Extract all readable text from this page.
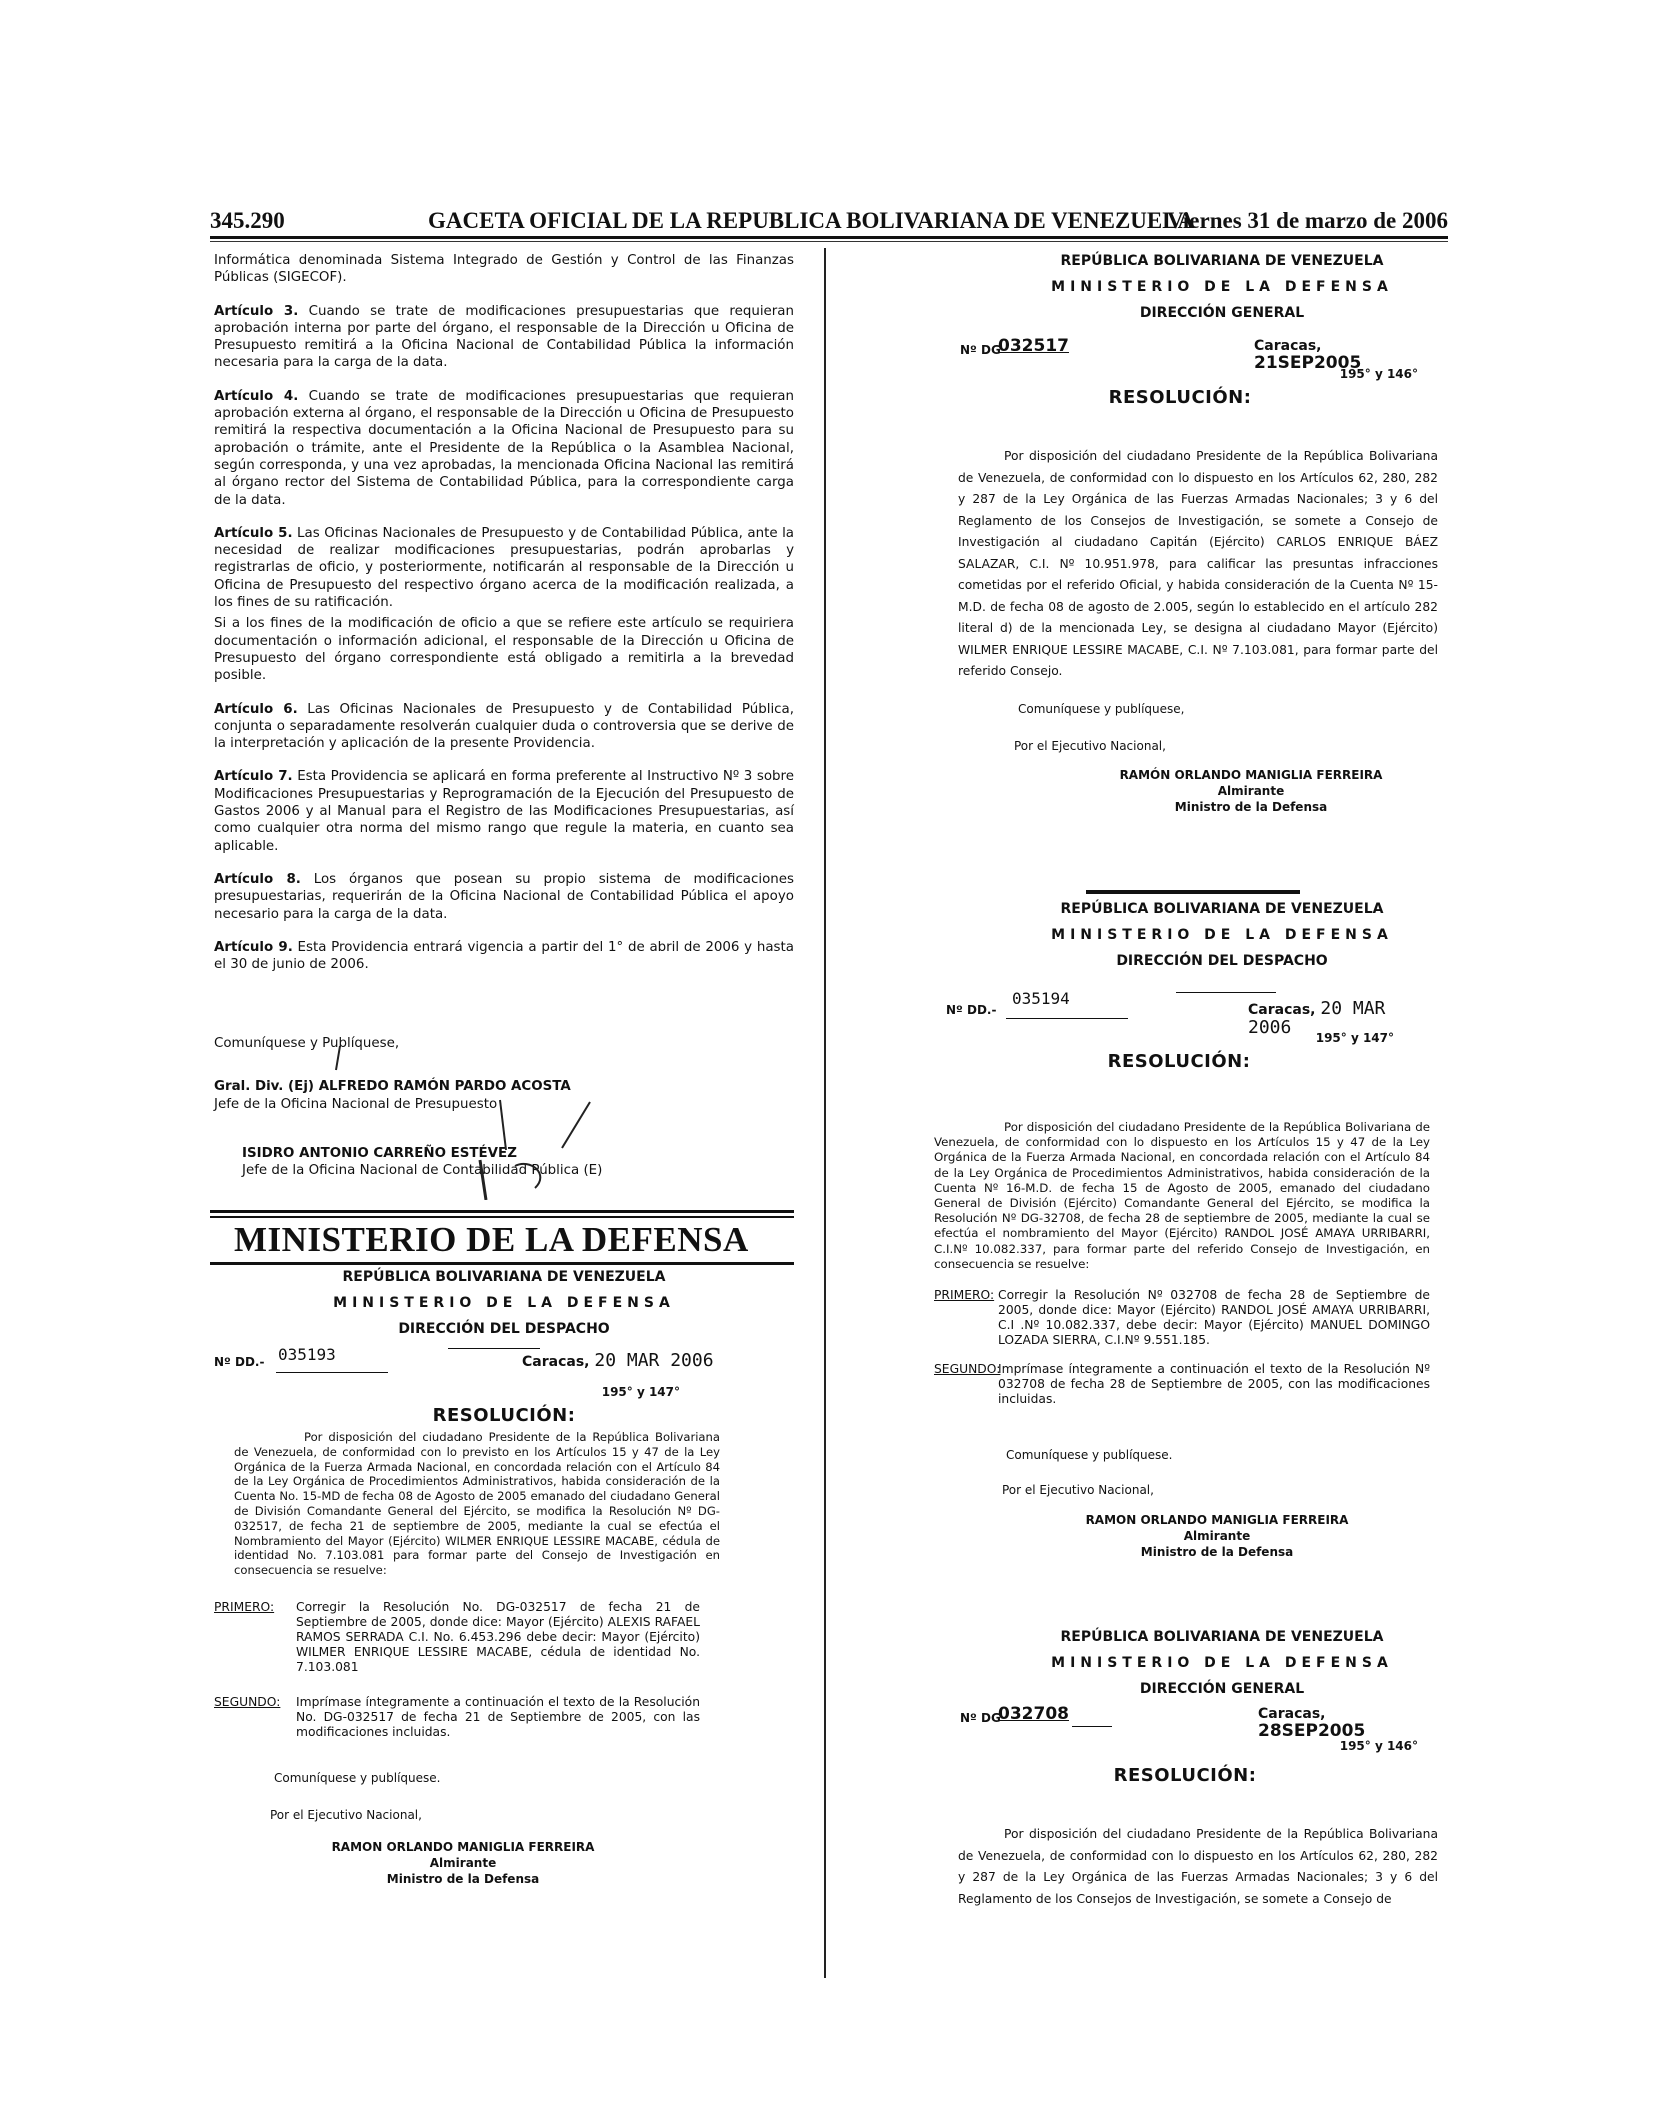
345.290	GACETA OFICIAL DE LA REPUBLICA BOLIVARIANA DE VENEZUELA
Viernes 31 de marzo de 2006

Informática denominada Sistema Integrado de Gestión y Control de las Finanzas Públicas (SIGECOF).

Artículo 3. Cuando se trate de modificaciones presupuestarias que requieran aprobación interna por parte del órgano, el responsable de la Dirección u Oficina de Presupuesto remitirá a la Oficina Nacional de Contabilidad Pública la información necesaria para la carga de la data.

Artículo 4. Cuando se trate de modificaciones presupuestarias que requieran aprobación externa al órgano, el responsable de la Dirección u Oficina de Presupuesto remitirá la respectiva documentación a la Oficina Nacional de Presupuesto para su aprobación o trámite, ante el Presidente de la República o la Asamblea Nacional, según corresponda, y una vez aprobadas, la mencionada Oficina Nacional las remitirá al órgano rector del Sistema de Contabilidad Pública, para la correspondiente carga de la data.

Artículo 5. Las Oficinas Nacionales de Presupuesto y de Contabilidad Pública, ante la necesidad de realizar modificaciones presupuestarias, podrán aprobarlas y registrarlas de oficio, y posteriormente, notificarán al responsable de la Dirección u Oficina de Presupuesto del respectivo órgano acerca de la modificación realizada, a los fines de su ratificación.

Si a los fines de la modificación de oficio a que se refiere este artículo se requiriera documentación o información adicional, el responsable de la Dirección u Oficina de Presupuesto del órgano correspondiente está obligado a remitirla a la brevedad posible.

Artículo 6. Las Oficinas Nacionales de Presupuesto y de Contabilidad Pública, conjunta o separadamente resolverán cualquier duda o controversia que se derive de la interpretación y aplicación de la presente Providencia.

Artículo 7. Esta Providencia se aplicará en forma preferente al Instructivo Nº 3 sobre Modificaciones Presupuestarias y Reprogramación de la Ejecución del Presupuesto de Gastos 2006 y al Manual para el Registro de las Modificaciones Presupuestarias, así como cualquier otra norma del mismo rango que regule la materia, en cuanto sea aplicable.

Artículo 8. Los órganos que posean su propio sistema de modificaciones presupuestarias, requerirán de la Oficina Nacional de Contabilidad Pública el apoyo necesario para la carga de la data.

Artículo 9. Esta Providencia entrará vigencia a partir del 1° de abril de 2006 y hasta el 30 de junio de 2006.

Comuníquese y Publíquese,

Gral. Div. (Ej) ALFREDO RAMÓN PARDO ACOSTA

Jefe de la Oficina Nacional de Presupuesto

ISIDRO ANTONIO CARREÑO ESTÉVEZ

Jefe de la Oficina Nacional de Contabilidad Pública (E)

MINISTERIO DE LA DEFENSA

REPÚBLICA BOLIVARIANA DE VENEZUELA

MINISTERIO DE LA DEFENSA

DIRECCIÓN DEL DESPACHO

Nº DD.- 035193	Caracas, 20 MAR 2006

195° y 147°

RESOLUCIÓN:

Por disposición del ciudadano Presidente de la República Bolivariana de Venezuela, de conformidad con lo previsto en los Artículos 15 y 47 de la Ley Orgánica de la Fuerza Armada Nacional, en concordada relación con el Artículo 84 de la Ley Orgánica de Procedimientos Administrativos, habida consideración de la Cuenta No. 15-MD de fecha 08 de Agosto de 2005 emanado del ciudadano General de División Comandante General del Ejército, se modifica la Resolución Nº DG-032517, de fecha 21 de septiembre de 2005, mediante la cual se efectúa el Nombramiento del Mayor (Ejército) WILMER ENRIQUE LESSIRE MACABE, cédula de identidad No. 7.103.081 para formar parte del Consejo de Investigación en consecuencia se resuelve:

PRIMERO: Corregir la Resolución No. DG-032517 de fecha 21 de Septiembre de 2005, donde dice: Mayor (Ejército) ALEXIS RAFAEL RAMOS SERRADA C.I. No. 6.453.296 debe decir: Mayor (Ejército) WILMER ENRIQUE LESSIRE MACABE, cédula de identidad No. 7.103.081

SEGUNDO: Imprímase íntegramente a continuación el texto de la Resolución No. DG-032517 de fecha 21 de Septiembre de 2005, con las modificaciones incluidas.

Comuníquese y publíquese.

Por el Ejecutivo Nacional,

RAMON ORLANDO MANIGLIA FERREIRA

Almirante

Ministro de la Defensa

REPÚBLICA BOLIVARIANA DE VENEZUELA

MINISTERIO DE LA DEFENSA

DIRECCIÓN GENERAL

Nº DG
032517	Caracas, 21SEP2005

195° y 146°

RESOLUCIÓN:

Por disposición del ciudadano Presidente de la República Bolivariana de Venezuela, de conformidad con lo dispuesto en los Artículos 62, 280, 282 y 287 de la Ley Orgánica de las Fuerzas Armadas Nacionales; 3 y 6 del Reglamento de los Consejos de Investigación, se somete a Consejo de Investigación al ciudadano Capitán (Ejército) CARLOS ENRIQUE BÁEZ SALAZAR, C.I. Nº 10.951.978, para calificar las presuntas infracciones cometidas por el referido Oficial, y habida consideración de la Cuenta Nº 15-M.D. de fecha 08 de agosto de 2.005, según lo establecido en el artículo 282 literal d) de la mencionada Ley, se designa al ciudadano Mayor (Ejército) WILMER ENRIQUE LESSIRE MACABE, C.I. Nº 7.103.081, para formar parte del referido Consejo.

Comuníquese y publíquese,

Por el Ejecutivo Nacional,

RAMÓN ORLANDO MANIGLIA FERREIRA

Almirante

Ministro de la Defensa

REPÚBLICA BOLIVARIANA DE VENEZUELA

MINISTERIO DE LA DEFENSA

DIRECCIÓN DEL DESPACHO

Nº DD.-
035194
Caracas, 20 MAR 2006	195° y 147°

RESOLUCIÓN:

Por disposición del ciudadano Presidente de la República Bolivariana de Venezuela, de conformidad con lo dispuesto en los Artículos 15 y 47 de la Ley Orgánica de la Fuerza Armada Nacional, en concordada relación con el Artículo 84 de la Ley Orgánica de Procedimientos Administrativos, habida consideración de la Cuenta Nº 16-M.D. de fecha 15 de Agosto de 2005, emanado del ciudadano General de División (Ejército) Comandante General del Ejército, se modifica la Resolución Nº DG-32708, de fecha 28 de septiembre de 2005, mediante la cual se efectúa el nombramiento del Mayor (Ejército) RANDOL JOSÉ AMAYA URRIBARRI, C.I.Nº 10.082.337, para formar parte del referido Consejo de Investigación, en consecuencia se resuelve:

PRIMERO: Corregir la Resolución Nº 032708 de fecha 28 de Septiembre de 2005, donde dice: Mayor (Ejército) RANDOL JOSÉ AMAYA URRIBARRI, C.I .Nº 10.082.337, debe decir: Mayor (Ejército) MANUEL DOMINGO LOZADA SIERRA, C.I.Nº 9.551.185.

SEGUNDO:

Imprímase íntegramente a continuación el texto de la Resolución Nº 032708 de fecha 28 de Septiembre de 2005, con las modificaciones incluidas.

Comuníquese y publíquese.

Por el Ejecutivo Nacional,

RAMON ORLANDO MANIGLIA FERREIRA

Almirante

Ministro de la Defensa

REPÚBLICA BOLIVARIANA DE VENEZUELA

MINISTERIO DE LA DEFENSA

DIRECCIÓN GENERAL

Nº DG
032708	Caracas, 28SEP2005

195° y 146°

RESOLUCIÓN:

Por disposición del ciudadano Presidente de la República Bolivariana de Venezuela, de conformidad con lo dispuesto en los Artículos 62, 280, 282 y 287 de la Ley Orgánica de las Fuerzas Armadas Nacionales; 3 y 6 del Reglamento de los Consejos de Investigación, se somete a Consejo de
